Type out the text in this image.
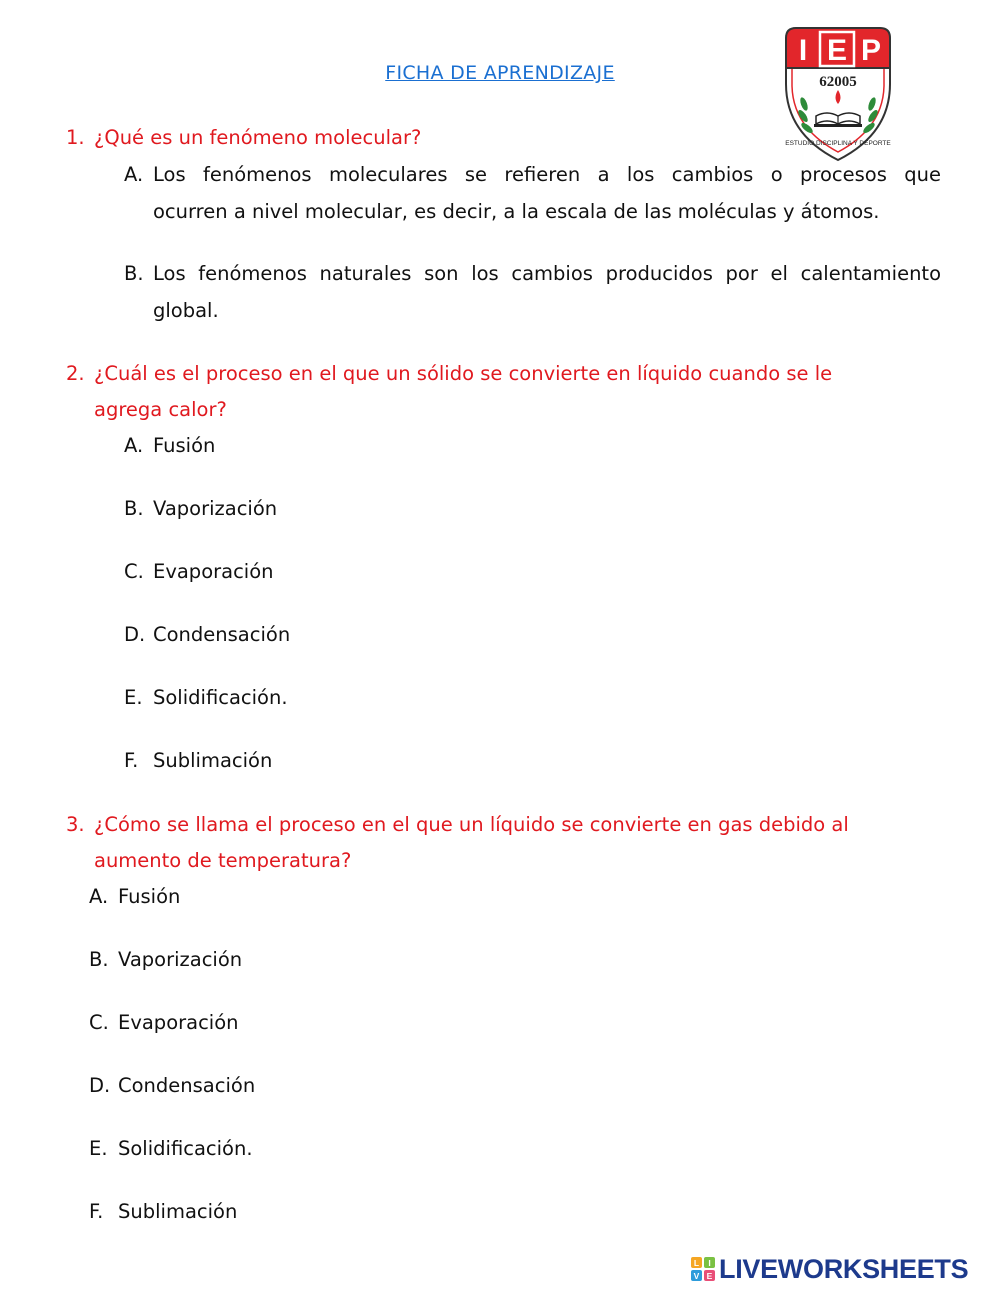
FICHA DE APRENDIZAJE
I E P
62005
ESTUDIO DISCIPLINA Y DEPORTE
1. ¿Qué es un fenómeno molecular?
A. Los fenómenos moleculares se refieren a los cambios o procesos que
ocurren a nivel molecular, es decir, a la escala de las moléculas y átomos.
B. Los fenómenos naturales son los cambios producidos por el calentamiento
global.
2. ¿Cuál es el proceso en el que un sólido se convierte en líquido cuando se le
agrega calor?
A. Fusión
B. Vaporización
C. Evaporación
D. Condensación
E. Solidificación.
F. Sublimación
3. ¿Cómo se llama el proceso en el que un líquido se convierte en gas debido al
aumento de temperatura?
A. Fusión
B. Vaporización
C. Evaporación
D. Condensación
E. Solidificación.
F. Sublimación
L I
V E LIVEWORKSHEETS
